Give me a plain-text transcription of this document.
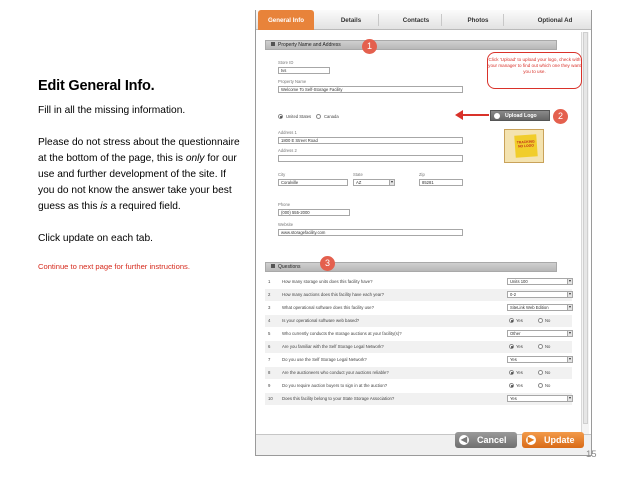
Edit General Info.

Fill in all the missing information.

Please do not stress about the questionnaire at the bottom of the page, this is only for our use and further development of the site. If you do not know the answer take your best guess as this is a required field.

Click update on each tab.

Continue to next page for further instructions.

General Info	Details	Contacts	Photos	Optional Ad
Property Name and Address
Store ID
tvs
Property Name
Welcome To Self-Storage Facility
United States	Canada
Address 1
1800 E Street Road
Address 2
City
Coralville
State
AZ	▼
Zip
85281
Phone
(000) 555-2000
Website
www.storagefacility.com
Upload Logo
TRACKING NO LOGO
Questions
1	How many storage units does this facility have?	Units 100	▼
2	How many auctions does this facility have each year?	0-2	▼
3	What operational software does this facility use?	SiteLink Web Edition	▼
4	Is your operational software web based?	Yes	No
5	Who currently conducts the storage auctions at your facility(s)?	Other	▼
6	Are you familiar with the Self Storage Legal Network?	Yes	No
7	Do you use the Self Storage Legal Network?	Yes	▼
8	Are the auctioneers who conduct your auctions reliable?	Yes	No
9	Do you require auction buyers to sign in at the auction?	Yes	No
10 Does this facility belong to your State Storage Association?	Yes	▼
◀ Cancel	▶ Update
Click 'Upload' to upload your logo, check with your manager to find out which one they want you to use.
1
2
3
15
